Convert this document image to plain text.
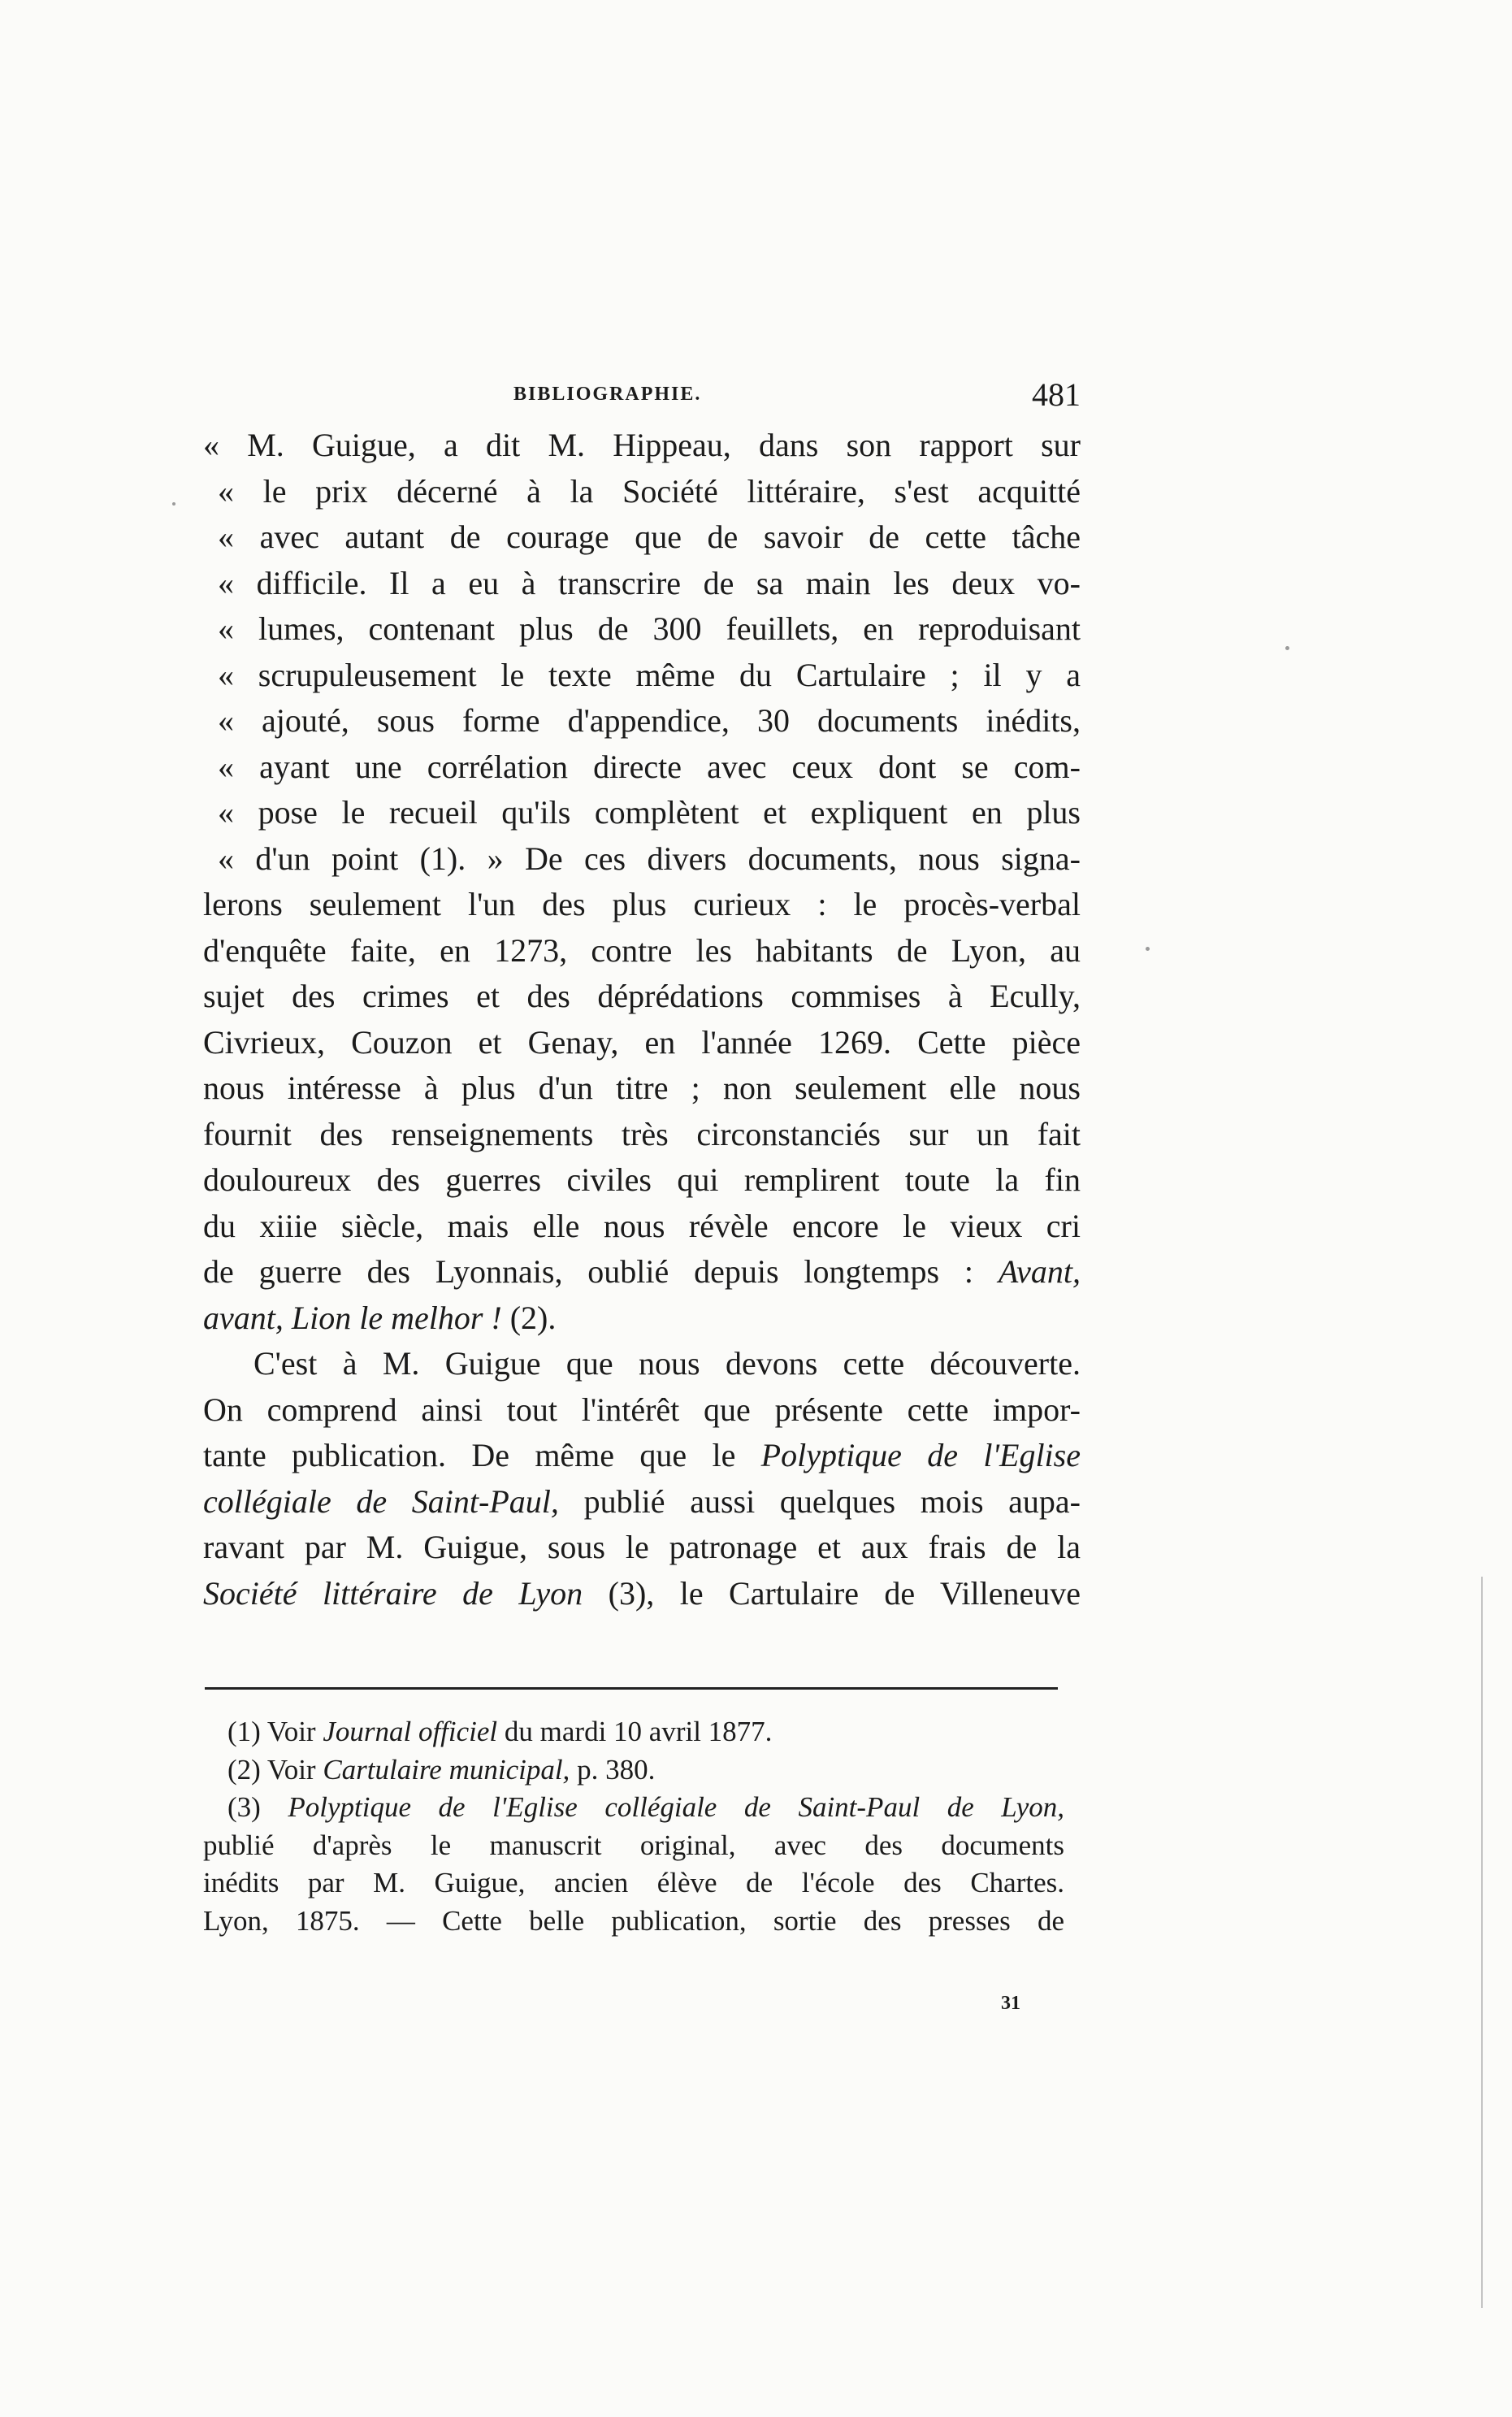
BIBLIOGRAPHIE.	481
« M. Guigue, a dit M. Hippeau, dans son rapport sur
« le prix décerné à la Société littéraire, s'est acquitté
« avec autant de courage que de savoir de cette tâche
« difficile. Il a eu à transcrire de sa main les deux vo-
« lumes, contenant plus de 300 feuillets, en reproduisant
« scrupuleusement le texte même du Cartulaire ; il y a
« ajouté, sous forme d'appendice, 30 documents inédits,
« ayant une corrélation directe avec ceux dont se com-
« pose le recueil qu'ils complètent et expliquent en plus
« d'un point (1). » De ces divers documents, nous signa-
lerons seulement l'un des plus curieux : le procès-verbal
d'enquête faite, en 1273, contre les habitants de Lyon, au
sujet des crimes et des déprédations commises à Ecully,
Civrieux, Couzon et Genay, en l'année 1269. Cette pièce
nous intéresse à plus d'un titre ; non seulement elle nous
fournit des renseignements très circonstanciés sur un fait
douloureux des guerres civiles qui remplirent toute la fin
du xiiie siècle, mais elle nous révèle encore le vieux cri
de guerre des Lyonnais, oublié depuis longtemps : Avant,
avant, Lion le melhor ! (2).
C'est à M. Guigue que nous devons cette découverte.
On comprend ainsi tout l'intérêt que présente cette impor-
tante publication. De même que le Polyptique de l'Eglise
collégiale de Saint-Paul, publié aussi quelques mois aupa-
ravant par M. Guigue, sous le patronage et aux frais de la
Société littéraire de Lyon (3), le Cartulaire de Villeneuve
(1) Voir Journal officiel du mardi 10 avril 1877.
(2) Voir Cartulaire municipal, p. 380.
(3) Polyptique de l'Eglise collégiale de Saint-Paul de Lyon,
publié d'après le manuscrit original, avec des documents
inédits par M. Guigue, ancien élève de l'école des Chartes.
Lyon, 1875. — Cette belle publication, sortie des presses de
31
